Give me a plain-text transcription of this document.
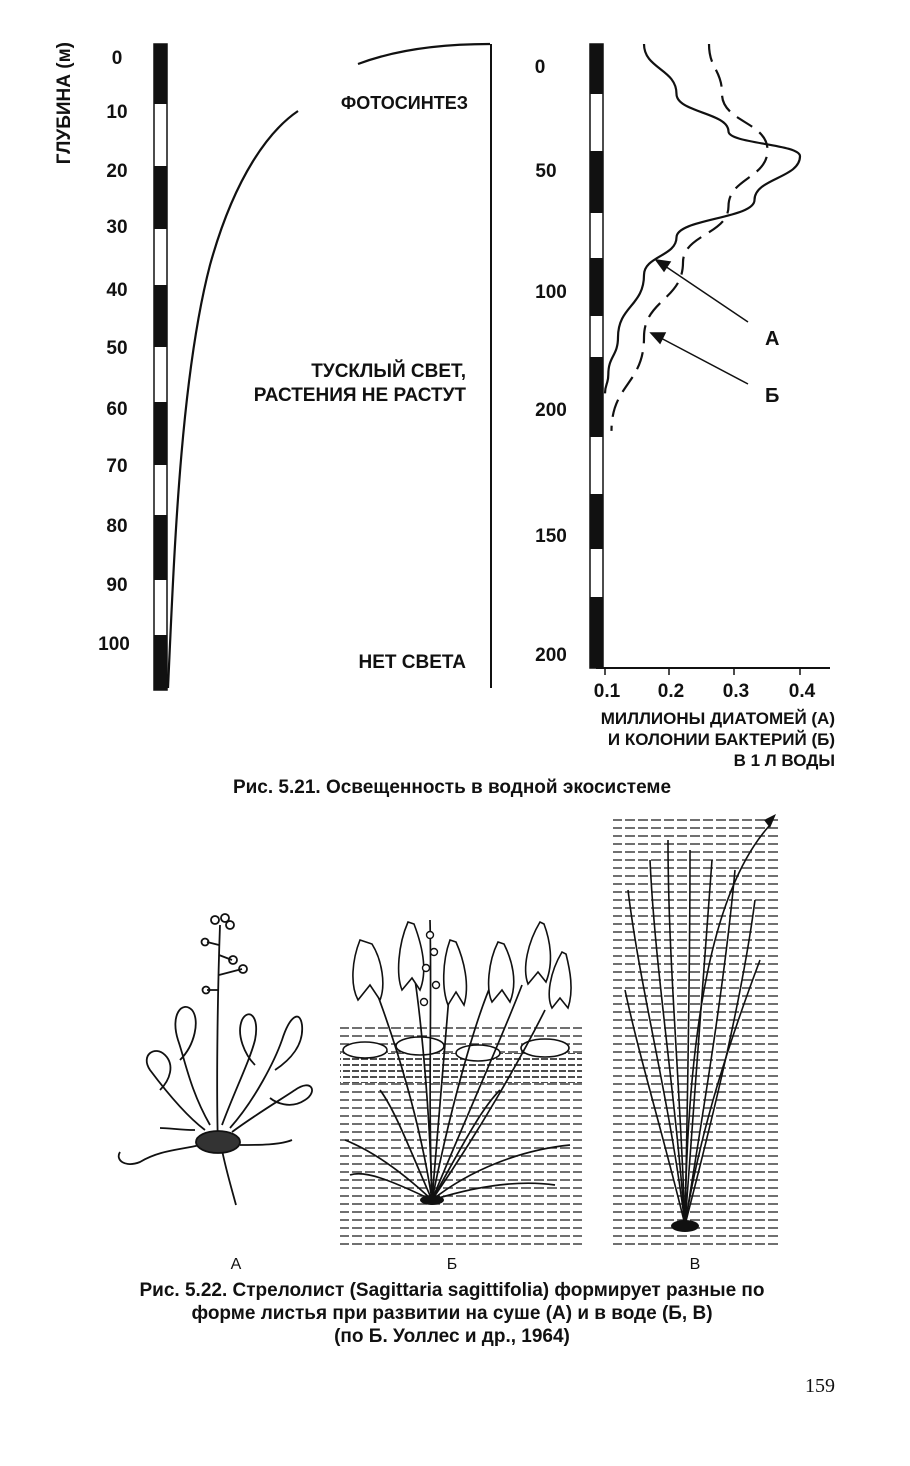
ГЛУБИНА (м) 0
10
20
30
40
50
60
70
80
90
100
ФОТОСИНТЕЗ
ТУСКЛЫЙ СВЕТ,
РАСТЕНИЯ НЕ РАСТУТ
НЕТ СВЕТА
0
50
100
200
150
200
0.1 0.2 0.3 0.4
МИЛЛИОНЫ ДИАТОМЕЙ (А)
И КОЛОНИИ БАКТЕРИЙ (Б)
В 1 Л ВОДЫ
А
Б
Рис. 5.21. Освещенность в водной экосистеме
А	Б	В
Рис. 5.22. Стрелолист (Sagittaria sagittifolia) формирует разные по
форме листья при развитии на суше (А) и в воде (Б, В)
(по Б. Уоллес и др., 1964)
159
